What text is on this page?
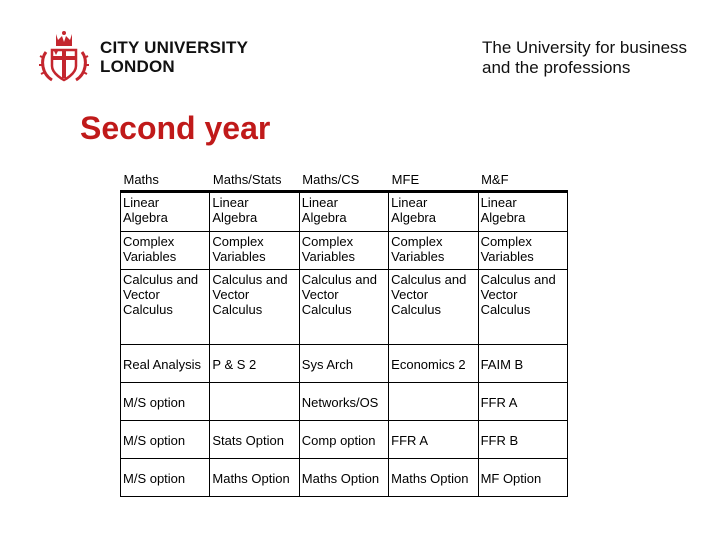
CITY UNIVERSITY
LONDON
The University for business
and the professions
Second year
Maths	Maths/Stats	Maths/CS	MFE	M&F

Linear
Algebra	Linear
Algebra	Linear
Algebra	Linear
Algebra	Linear
Algebra

Complex
Variables	Complex
Variables	Complex
Variables	Complex
Variables	Complex
Variables

Calculus and
Vector
Calculus	Calculus and
Vector
Calculus	Calculus and
Vector
Calculus	Calculus and
Vector
Calculus	Calculus and
Vector
Calculus

Real Analysis	P & S 2	Sys Arch	Economics 2	FAIM B

M/S option		Networks/OS		FFR A

M/S option	Stats Option	Comp option	FFR A	FFR B

M/S option	Maths Option	Maths Option	Maths Option	MF Option
